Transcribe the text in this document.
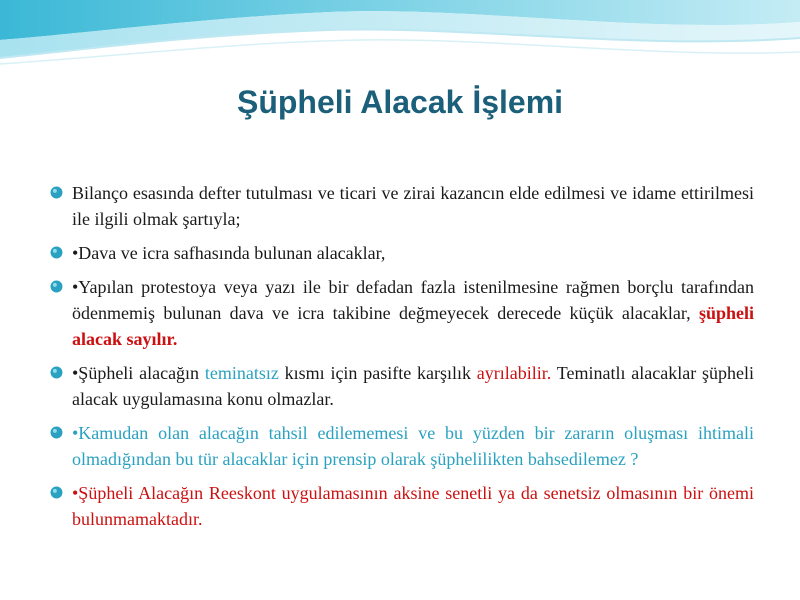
Şüpheli Alacak İşlemi
Bilanço esasında defter tutulması ve ticari ve zirai kazancın elde edilmesi ve idame ettirilmesi ile ilgili olmak şartıyla;
•Dava ve icra safhasında bulunan alacaklar,
•Yapılan protestoya veya yazı ile bir defadan fazla istenilmesine rağmen borçlu tarafından ödenmemiş bulunan dava ve icra takibine değmeyecek derecede küçük alacaklar, şüpheli alacak sayılır.
•Şüpheli alacağın teminatsız kısmı için pasifte karşılık ayrılabilir. Teminatlı alacaklar şüpheli alacak uygulamasına konu olmazlar.
•Kamudan olan alacağın tahsil edilememesi ve bu yüzden bir zararın oluşması ihtimali olmadığından bu tür alacaklar için prensip olarak şüphelilikten bahsedilemez ?
•Şüpheli Alacağın Reeskont uygulamasının aksine senetli ya da senetsiz olmasının bir önemi bulunmamaktadır.
